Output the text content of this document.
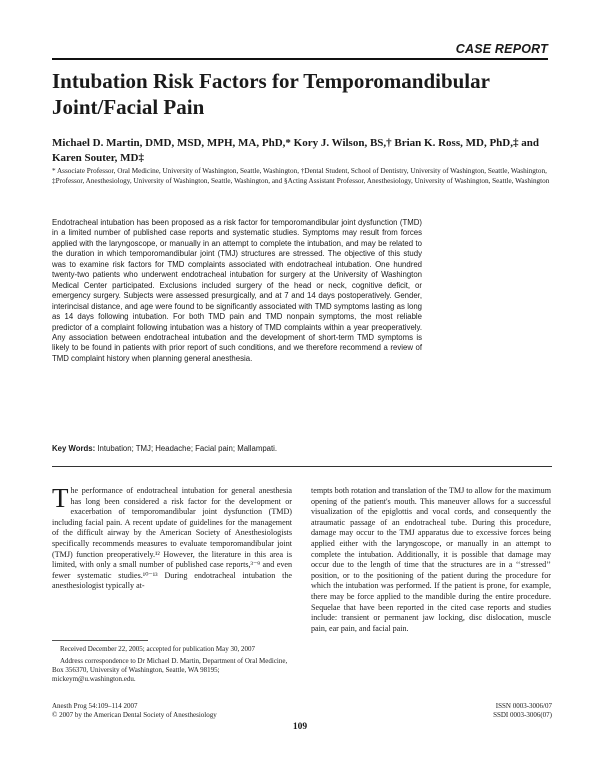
CASE REPORT
Intubation Risk Factors for Temporomandibular Joint/Facial Pain
Michael D. Martin, DMD, MSD, MPH, MA, PhD,* Kory J. Wilson, BS,† Brian K. Ross, MD, PhD,‡ and Karen Souter, MD‡
* Associate Professor, Oral Medicine, University of Washington, Seattle, Washington, †Dental Student, School of Dentistry, University of Washington, Seattle, Washington, ‡Professor, Anesthesiology, University of Washington, Seattle, Washington, and §Acting Assistant Professor, Anesthesiology, University of Washington, Seattle, Washington
Endotracheal intubation has been proposed as a risk factor for temporomandibular joint dysfunction (TMD) in a limited number of published case reports and systematic studies. Symptoms may result from forces applied with the laryngoscope, or manually in an attempt to complete the intubation, and may be related to the duration in which temporomandibular joint (TMJ) structures are stressed. The objective of this study was to examine risk factors for TMD complaints associated with endotracheal intubation. One hundred twenty-two patients who underwent endotracheal intubation for surgery at the University of Washington Medical Center participated. Exclusions included surgery of the head or neck, cognitive deficit, or emergency surgery. Subjects were assessed presurgically, and at 7 and 14 days postoperatively. Gender, interincisal distance, and age were found to be significantly associated with TMD symptoms lasting as long as 14 days following intubation. For both TMD pain and TMD nonpain symptoms, the most reliable predictor of a complaint following intubation was a history of TMD complaints within a year preoperatively. Any association between endotracheal intubation and the development of short-term TMD symptoms is likely to be found in patients with prior report of such conditions, and we therefore recommend a review of TMD complaint history when planning general anesthesia.
Key Words: Intubation; TMJ; Headache; Facial pain; Mallampati.
T he performance of endotracheal intubation for general anesthesia has long been considered a risk factor for the development or exacerbation of temporomandibular joint dysfunction (TMD) including facial pain. A recent update of guidelines for the management of the difficult airway by the American Society of Anesthesiologists specifically recommends measures to evaluate temporomandibular joint (TMJ) function preoperatively.¹² However, the literature in this area is limited, with only a small number of published case reports,³⁻⁹ and even fewer systematic studies.¹⁰⁻¹³ During endotracheal intubation the anesthesiologist typically at-
tempts both rotation and translation of the TMJ to allow for the maximum opening of the patient's mouth. This maneuver allows for a successful visualization of the epiglottis and vocal cords, and consequently the atraumatic passage of an endotracheal tube. During this procedure, damage may occur to the TMJ apparatus due to excessive forces being applied either with the laryngoscope, or manually in an attempt to complete the intubation. Additionally, it is possible that damage may occur due to the length of time that the structures are in a ‘‘stressed’’ position, or to the positioning of the patient during the procedure for which the intubation was performed. If the patient is prone, for example, there may be force applied to the mandible during the entire procedure. Sequelae that have been reported in the cited case reports and studies include: transient or permanent jaw locking, disc dislocation, muscle pain, ear pain, and facial pain.

Received December 22, 2005; accepted for publication May 30, 2007

Address correspondence to Dr Michael D. Martin, Department of Oral Medicine, Box 356370, University of Washington, Seattle, WA 98195; mickeym@u.washington.edu.

Anesth Prog 54:109–114 2007
© 2007 by the American Dental Society of Anesthesiology
ISSN 0003-3006/07
SSDI 0003-3006(07)
109
